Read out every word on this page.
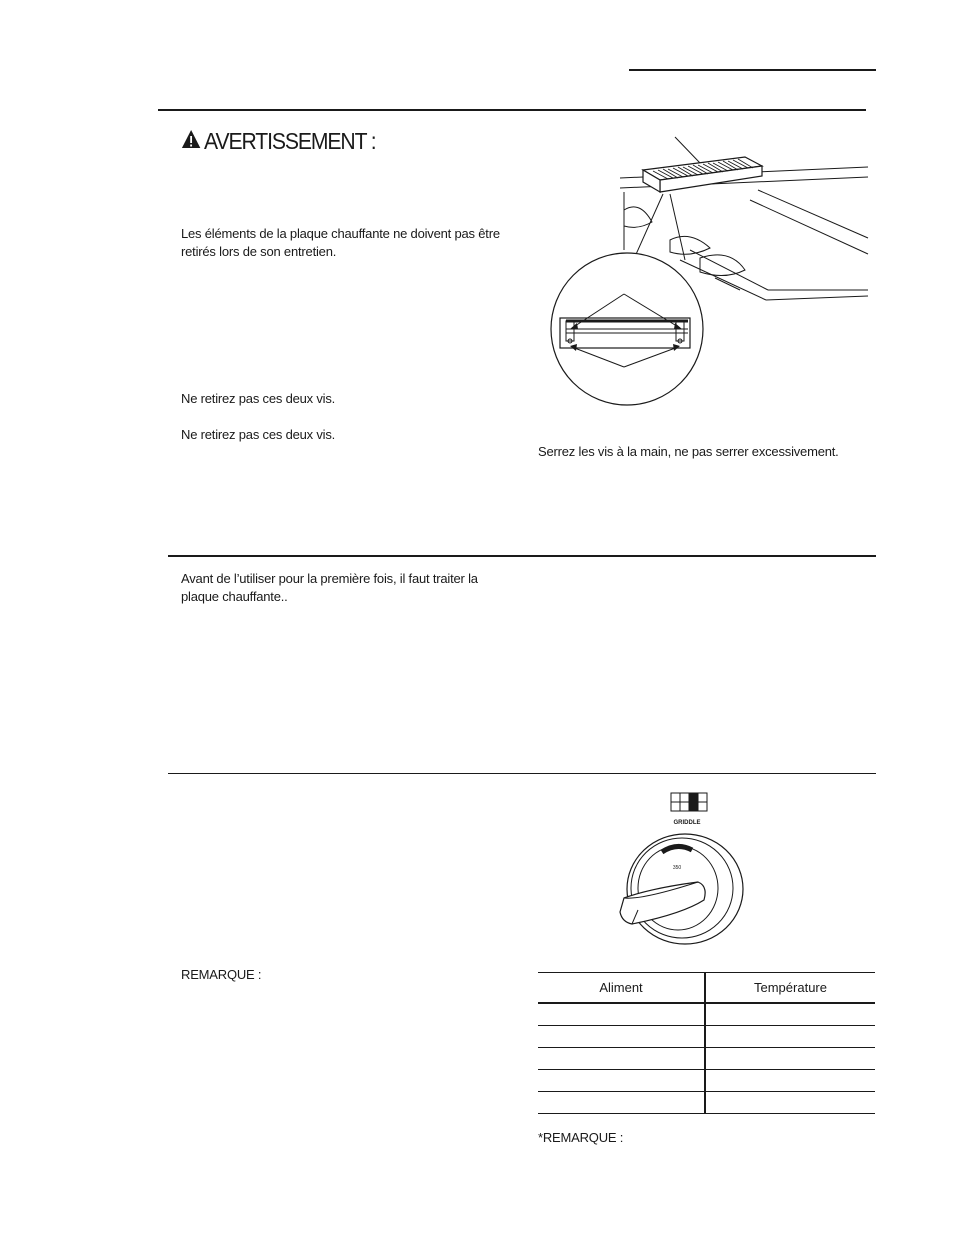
AVERTISSEMENT :
Les éléments de la plaque chauffante ne doivent pas être retirés lors de son entretien.
Ne retirez pas ces deux vis.
Ne retirez pas ces deux vis.
Serrez les vis à la main, ne pas serrer excessivement.
Avant de l’utiliser pour la première fois, il faut traiter la plaque chauffante..
GRIDDLE
350
REMARQUE :
Aliment	Température

*REMARQUE :
